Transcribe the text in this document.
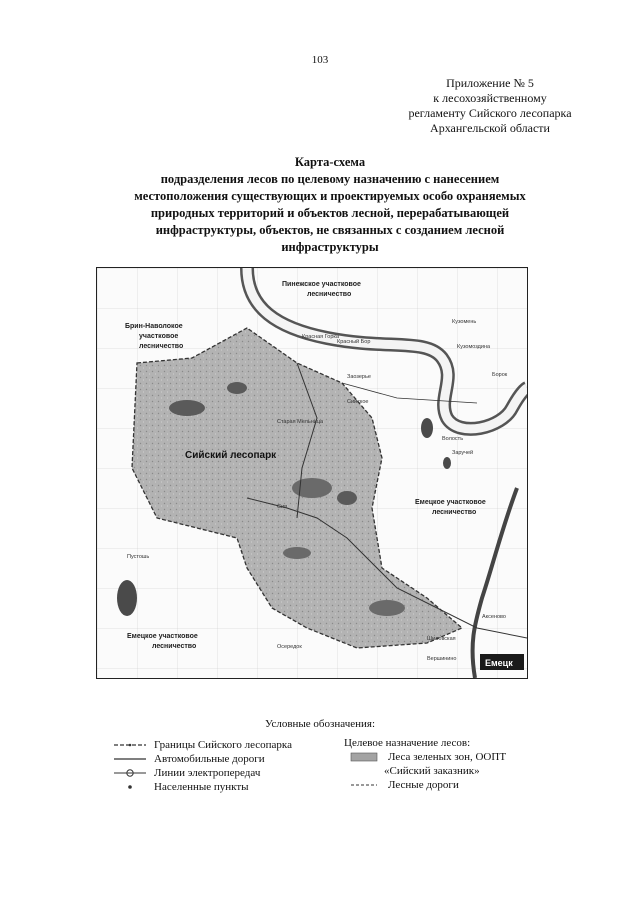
103
Приложение № 5
к лесохозяйственному
регламенту Сийского лесопарка
Архангельской области
Карта-схема
подразделения лесов по целевому назначению с нанесением
местоположения существующих и проектируемых особо охраняемых
природных территорий и объектов лесной, перерабатывающей
инфраструктуры, объектов, не связанных с созданием лесной
инфраструктуры
Емецк
Пинежское участковое
лесничество
Брин-Наволокое
участковое
лесничество
Сийский лесопарк
Емецкое участковое
лесничество
Емецкое участковое
лесничество
Красная Горка
Красный Бор
Заозерье
Сийское
Старая Мельница
Кузомень
Кузомоздина
Борок
Волость
Заручей
Сия
Осередок
Вершинино
Аксеново
Шиловская
Пустошь
Условные обозначения:
Границы Сийского лесопарка
Автомобильные дороги
Линии электропередач
Населенные пункты
Целевое назначение лесов:
Леса зеленых зон, ООПТ
«Сийский заказник»
Лесные дороги
